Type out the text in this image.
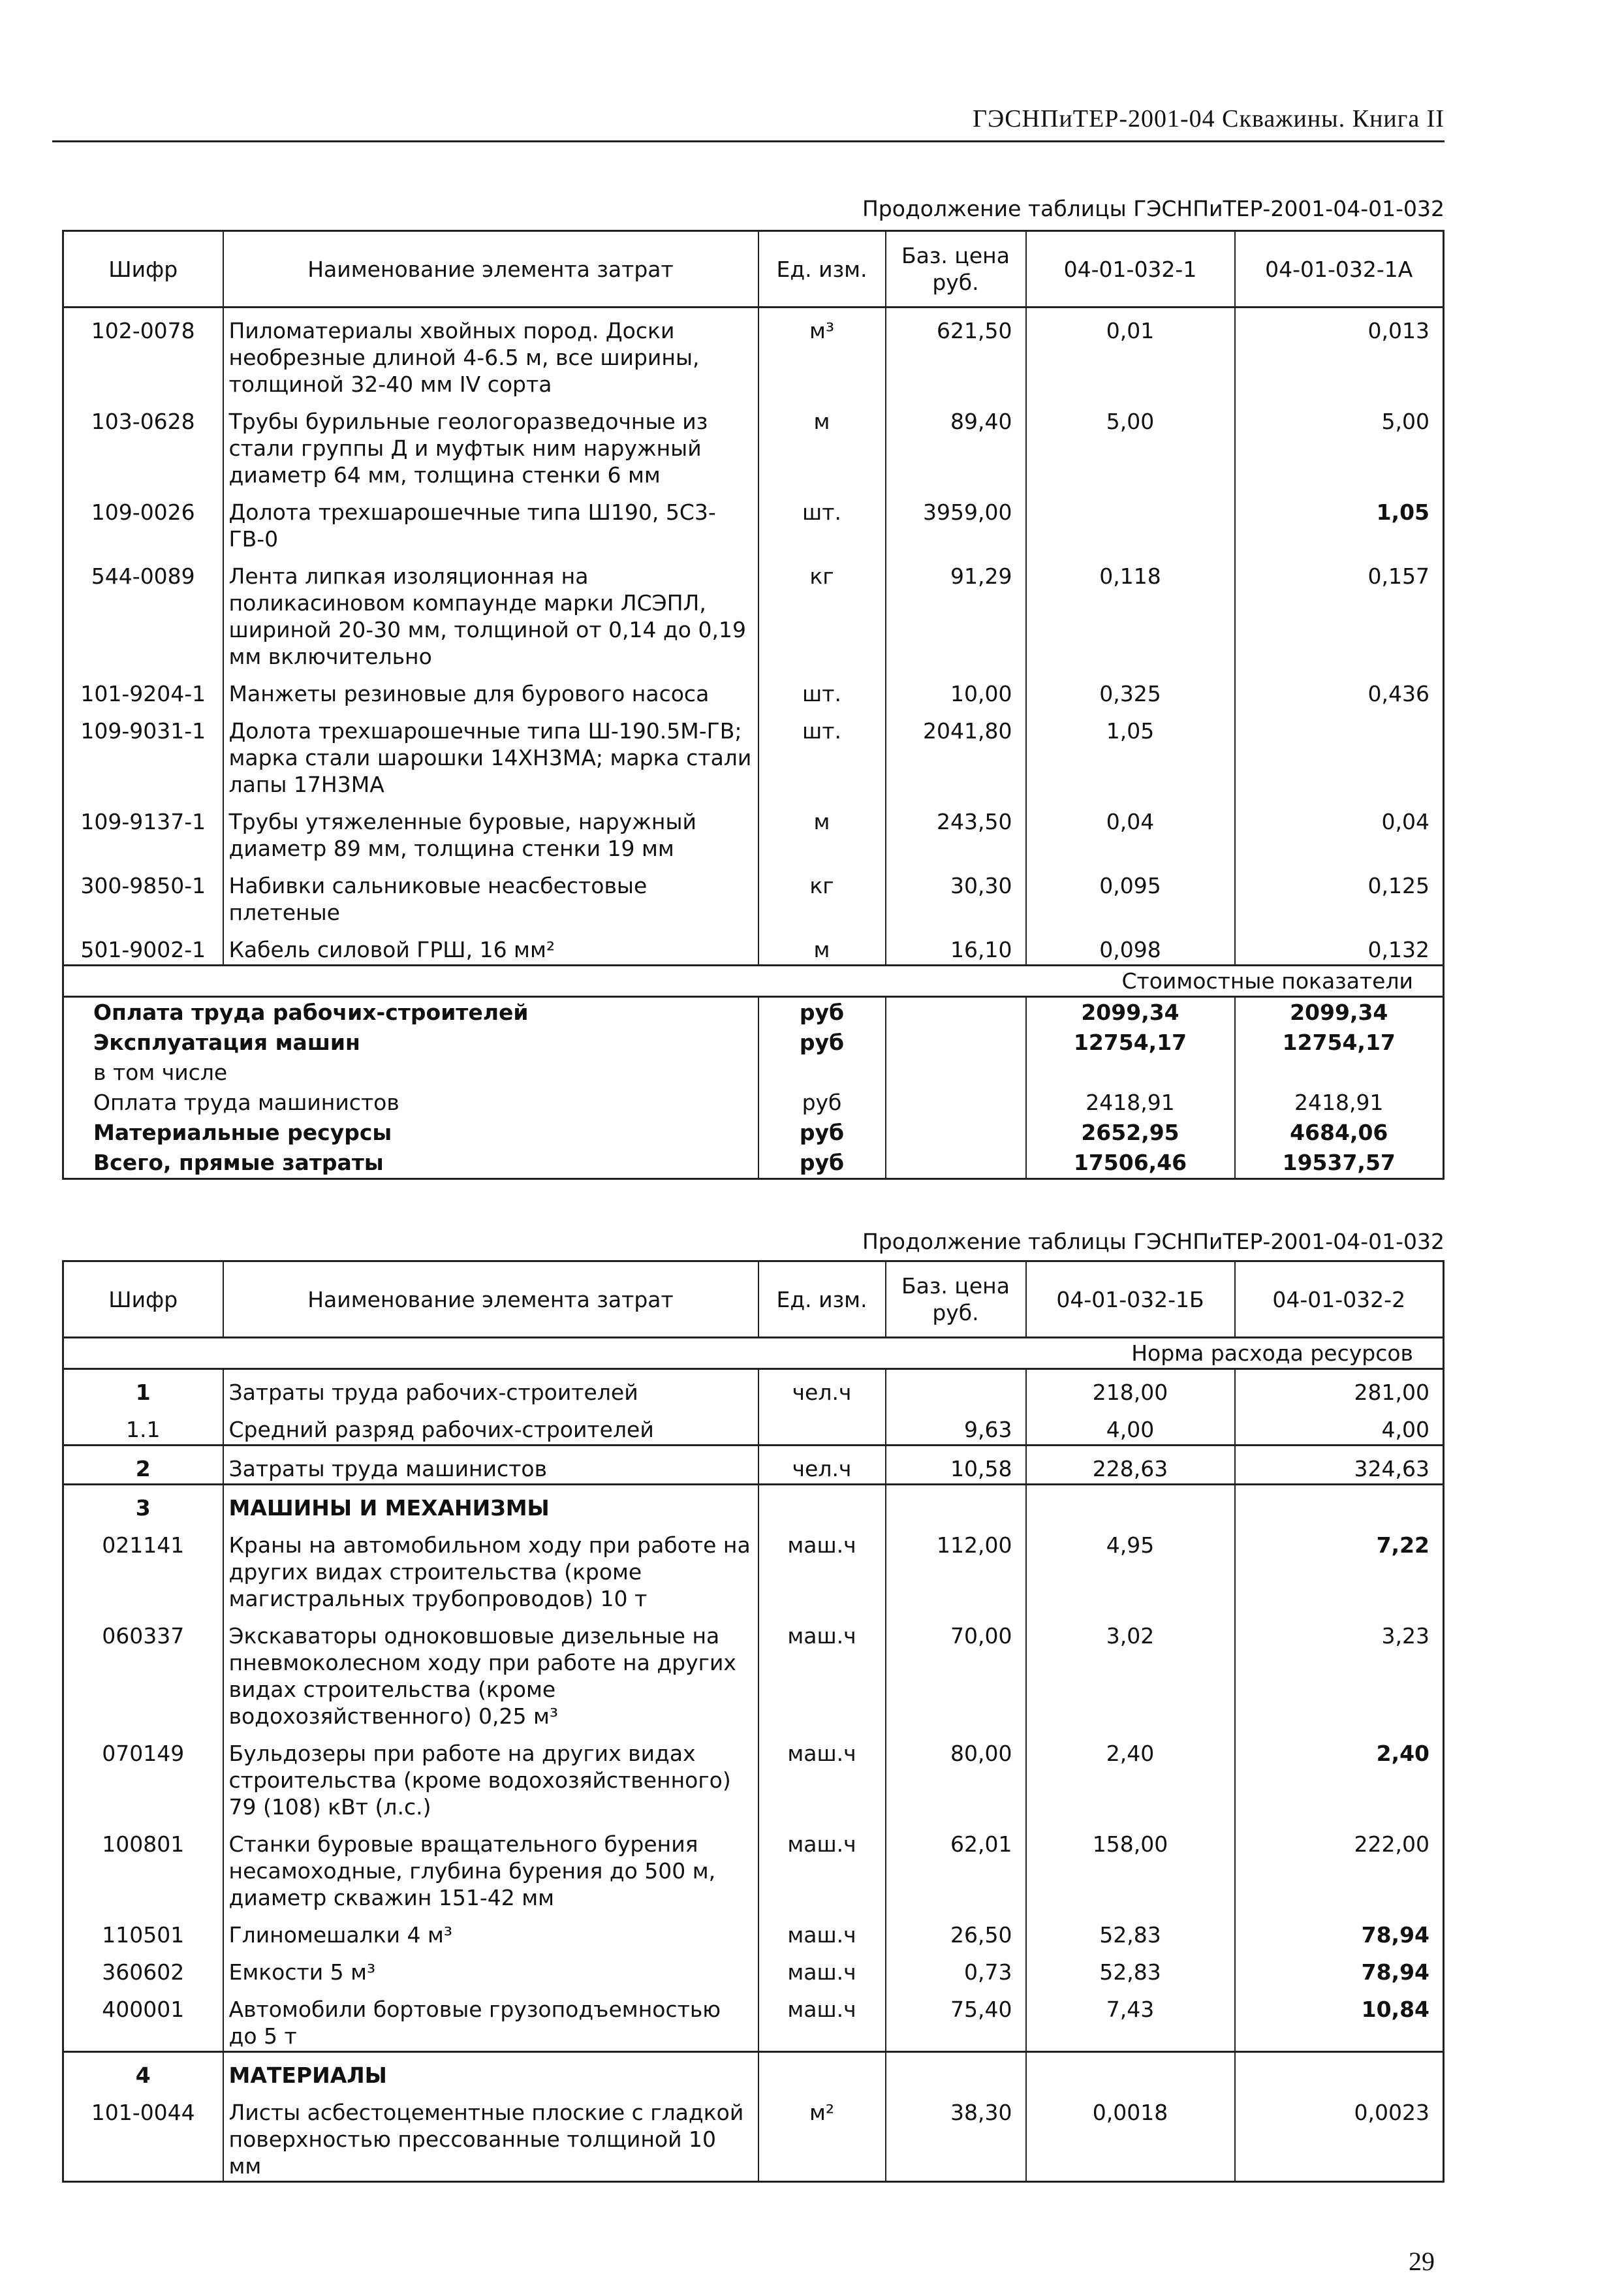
ГЭСНПиТЕР-2001-04 Скважины. Книга II
Продолжение таблицы ГЭСНПиТЕР-2001-04-01-032
Шифр	Наименование элемента затрат	Ед. изм.	Баз. цена руб.	04-01-032-1	04-01-032-1А
102-0078	Пиломатериалы хвойных пород. Доски необрезные длиной 4-6.5 м, все ширины, толщиной 32-40 мм IV сорта	м³	621,50	0,01	0,013
103-0628	Трубы бурильные геологоразведочные из стали группы Д и муфтык ним наружный диаметр 64 мм, толщина стенки 6 мм	м	89,40	5,00	5,00
109-0026	Долота трехшарошечные типа Ш190, 5С3-ГВ-0	шт.	3959,00		1,05
544-0089	Лента липкая изоляционная на поликасиновом компаунде марки ЛСЭПЛ, шириной 20-30 мм, толщиной от 0,14 до 0,19 мм включительно	кг	91,29	0,118	0,157
101-9204-1	Манжеты резиновые для бурового насоса	шт.	10,00	0,325	0,436
109-9031-1	Долота трехшарошечные типа Ш-190.5М-ГВ; марка стали шарошки 14ХН3МА; марка стали лапы 17Н3МА	шт.	2041,80	1,05	
109-9137-1	Трубы утяжеленные буровые, наружный диаметр 89 мм, толщина стенки 19 мм	м	243,50	0,04	0,04
300-9850-1	Набивки сальниковые неасбестовые плетеные	кг	30,30	0,095	0,125
501-9002-1	Кабель силовой ГРШ, 16 мм²	м	16,10	0,098	0,132
Стоимостные показатели					
Оплата труда рабочих-строителей		руб		2099,34	2099,34
Эксплуатация машин		руб		12754,17	12754,17
в том числе					
Оплата труда машинистов		руб		2418,91	2418,91
Материальные ресурсы		руб		2652,95	4684,06
Всего, прямые затраты		руб		17506,46	19537,57
Продолжение таблицы ГЭСНПиТЕР-2001-04-01-032
Шифр	Наименование элемента затрат	Ед. изм.	Баз. цена руб.	04-01-032-1Б	04-01-032-2
Норма расхода ресурсов					
1	Затраты труда рабочих-строителей	чел.ч		218,00	281,00
1.1	Средний разряд рабочих-строителей		9,63	4,00	4,00
2	Затраты труда машинистов	чел.ч	10,58	228,63	324,63
3	МАШИНЫ И МЕХАНИЗМЫ				
021141	Краны на автомобильном ходу при работе на других видах строительства (кроме магистральных трубопроводов) 10 т	маш.ч	112,00	4,95	7,22
060337	Экскаваторы одноковшовые дизельные на пневмоколесном ходу при работе на других видах строительства (кроме водохозяйственного) 0,25 м³	маш.ч	70,00	3,02	3,23
070149	Бульдозеры при работе на других видах строительства (кроме водохозяйственного) 79 (108) кВт (л.с.)	маш.ч	80,00	2,40	2,40
100801	Станки буровые вращательного бурения несамоходные, глубина бурения до 500 м, диаметр скважин 151-42 мм	маш.ч	62,01	158,00	222,00
110501	Глиномешалки 4 м³	маш.ч	26,50	52,83	78,94
360602	Емкости 5 м³	маш.ч	0,73	52,83	78,94
400001	Автомобили бортовые грузоподъемностью до 5 т	маш.ч	75,40	7,43	10,84
4	МАТЕРИАЛЫ				
101-0044	Листы асбестоцементные плоские с гладкой поверхностью прессованные толщиной 10 мм	м²	38,30	0,0018	0,0023
29
